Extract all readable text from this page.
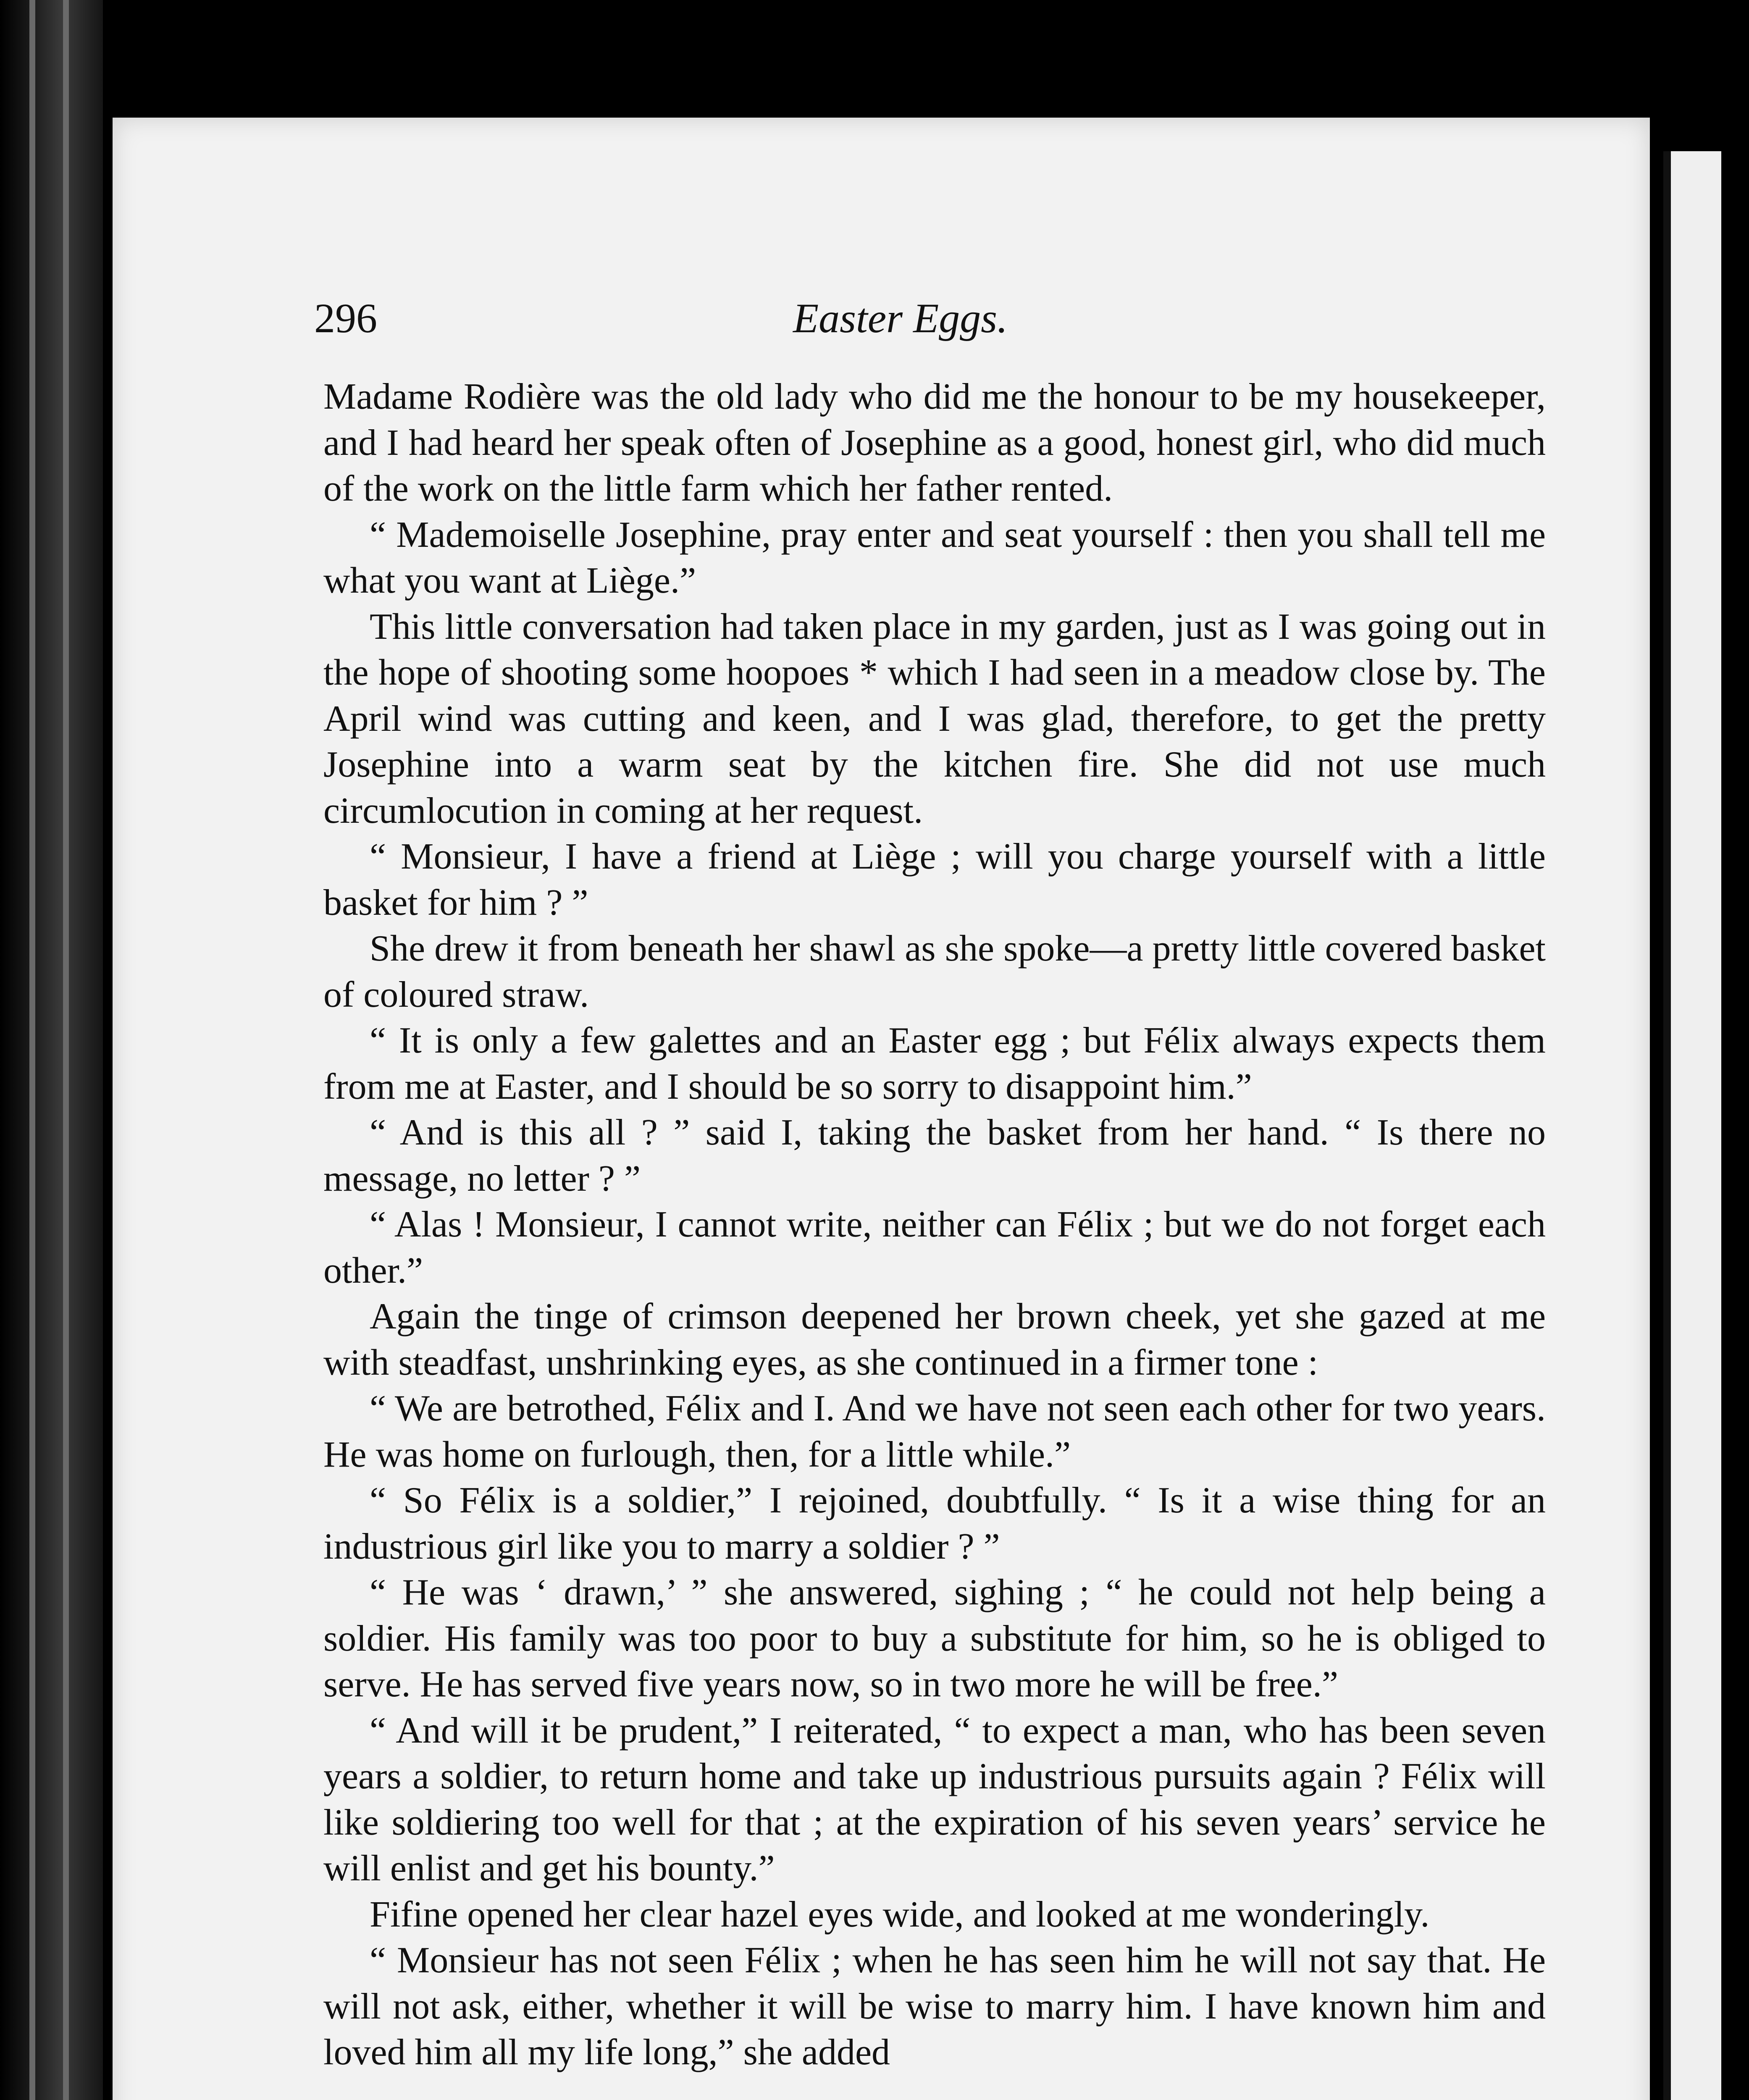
296	Easter Eggs.

Madame Rodière was the old lady who did me the honour to be my housekeeper, and I had heard her speak often of Josephine as a good, honest girl, who did much of the work on the little farm which her father rented.

“ Mademoiselle Josephine, pray enter and seat yourself : then you shall tell me what you want at Liège.”

This little conversation had taken place in my garden, just as I was going out in the hope of shooting some hoopoes * which I had seen in a meadow close by. The April wind was cutting and keen, and I was glad, therefore, to get the pretty Josephine into a warm seat by the kitchen fire. She did not use much circumlocution in coming at her request.

“ Monsieur, I have a friend at Liège ; will you charge yourself with a little basket for him ? ”

She drew it from beneath her shawl as she spoke—a pretty little covered basket of coloured straw.

“ It is only a few galettes and an Easter egg ; but Félix always expects them from me at Easter, and I should be so sorry to disappoint him.”

“ And is this all ? ” said I, taking the basket from her hand. “ Is there no message, no letter ? ”

“ Alas ! Monsieur, I cannot write, neither can Félix ; but we do not forget each other.”

Again the tinge of crimson deepened her brown cheek, yet she gazed at me with steadfast, unshrinking eyes, as she continued in a firmer tone :

“ We are betrothed, Félix and I. And we have not seen each other for two years. He was home on furlough, then, for a little while.”

“ So Félix is a soldier,” I rejoined, doubtfully. “ Is it a wise thing for an industrious girl like you to marry a soldier ? ”

“ He was ‘ drawn,’ ” she answered, sighing ; “ he could not help being a soldier. His family was too poor to buy a substitute for him, so he is obliged to serve. He has served five years now, so in two more he will be free.”

“ And will it be prudent,” I reiterated, “ to expect a man, who has been seven years a soldier, to return home and take up industrious pursuits again ? Félix will like soldiering too well for that ; at the expiration of his seven years’ service he will enlist and get his bounty.”

Fifine opened her clear hazel eyes wide, and looked at me wonderingly.

“ Monsieur has not seen Félix ; when he has seen him he will not say that. He will not ask, either, whether it will be wise to marry him. I have known him and loved him all my life long,” she added
